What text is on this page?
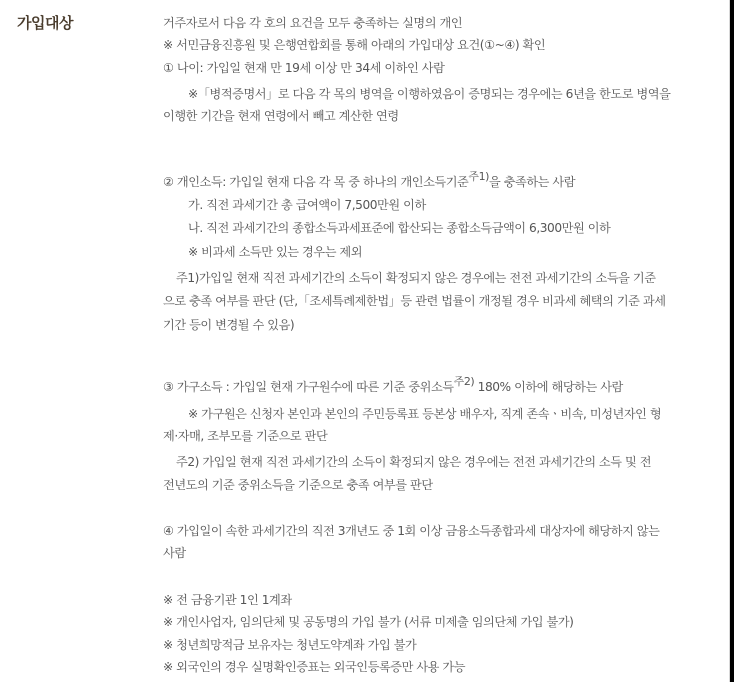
가입대상	거주자로서 다음 각 호의 요건을 모두 충족하는 실명의 개인
※ 서민금융진흥원 및 은행연합회를 통해 아래의 가입대상 요건(①~④) 확인
① 나이: 가입일 현재 만 19세 이상 만 34세 이하인 사람
※「병적증명서」로 다음 각 목의 병역을 이행하였음이 증명되는 경우에는 6년을 한도로 병역을
이행한 기간을 현재 연령에서 빼고 계산한 연령
② 개인소득: 가입일 현재 다음 각 목 중 하나의 개인소득기준$^{주1)}$을 충족하는 사람
가. 직전 과세기간 총 급여액이 7,500만원 이하
나. 직전 과세기간의 종합소득과세표준에 합산되는 종합소득금액이 6,300만원 이하
※ 비과세 소득만 있는 경우는 제외
주1)가입일 현재 직전 과세기간의 소득이 확정되지 않은 경우에는 전전 과세기간의 소득을 기준
으로 충족 여부를 판단 (단,「조세특례제한법」등 관련 법률이 개정될 경우 비과세 혜택의 기준 과세
기간 등이 변경될 수 있음)
③ 가구소득 : 가입일 현재 가구원수에 따른 기준 중위소득$^{주2)}$ 180% 이하에 해당하는 사람
※ 가구원은 신청자 본인과 본인의 주민등록표 등본상 배우자, 직계 존속ㆍ비속, 미성년자인 형
제·자매, 조부모를 기준으로 판단
주2) 가입일 현재 직전 과세기간의 소득이 확정되지 않은 경우에는 전전 과세기간의 소득 및 전
전년도의 기준 중위소득을 기준으로 충족 여부를 판단
④ 가입일이 속한 과세기간의 직전 3개년도 중 1회 이상 금융소득종합과세 대상자에 해당하지 않는
사람
※ 전 금융기관 1인 1계좌
※ 개인사업자, 임의단체 및 공동명의 가입 불가 (서류 미제출 임의단체 가입 불가)
※ 청년희망적금 보유자는 청년도약계좌 가입 불가
※ 외국인의 경우 실명확인증표는 외국인등록증만 사용 가능
